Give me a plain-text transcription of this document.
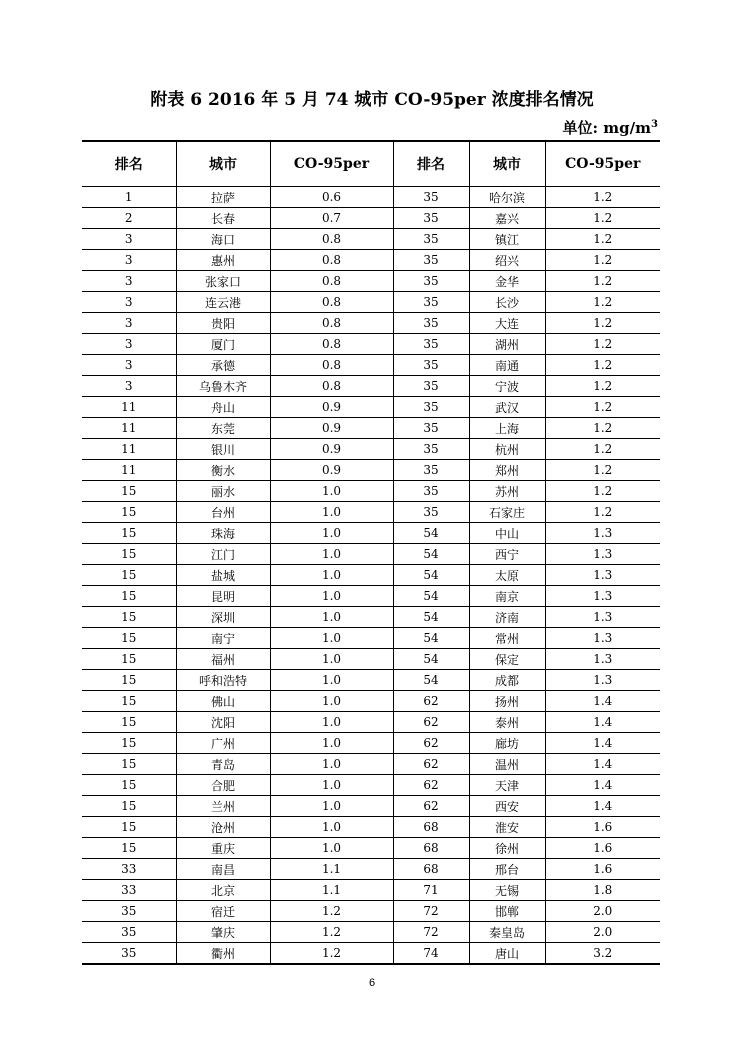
附表 6 2016 年 5 月 74 城市 CO-95per 浓度排名情况
单位: $mg/m^3$
排名	城市	CO-95per	排名	城市	CO-95per
1	拉萨	0.6	35	哈尔滨	1.2
2	长春	0.7	35	嘉兴	1.2
3	海口	0.8	35	镇江	1.2
3	惠州	0.8	35	绍兴	1.2
3	张家口	0.8	35	金华	1.2
3	连云港	0.8	35	长沙	1.2
3	贵阳	0.8	35	大连	1.2
3	厦门	0.8	35	湖州	1.2
3	承德	0.8	35	南通	1.2
3	乌鲁木齐	0.8	35	宁波	1.2
11	舟山	0.9	35	武汉	1.2
11	东莞	0.9	35	上海	1.2
11	银川	0.9	35	杭州	1.2
11	衡水	0.9	35	郑州	1.2
15	丽水	1.0	35	苏州	1.2
15	台州	1.0	35	石家庄	1.2
15	珠海	1.0	54	中山	1.3
15	江门	1.0	54	西宁	1.3
15	盐城	1.0	54	太原	1.3
15	昆明	1.0	54	南京	1.3
15	深圳	1.0	54	济南	1.3
15	南宁	1.0	54	常州	1.3
15	福州	1.0	54	保定	1.3
15	呼和浩特	1.0	54	成都	1.3
15	佛山	1.0	62	扬州	1.4
15	沈阳	1.0	62	泰州	1.4
15	广州	1.0	62	廊坊	1.4
15	青岛	1.0	62	温州	1.4
15	合肥	1.0	62	天津	1.4
15	兰州	1.0	62	西安	1.4
15	沧州	1.0	68	淮安	1.6
15	重庆	1.0	68	徐州	1.6
33	南昌	1.1	68	邢台	1.6
33	北京	1.1	71	无锡	1.8
35	宿迁	1.2	72	邯郸	2.0
35	肇庆	1.2	72	秦皇岛	2.0
35	衢州	1.2	74	唐山	3.2
6
